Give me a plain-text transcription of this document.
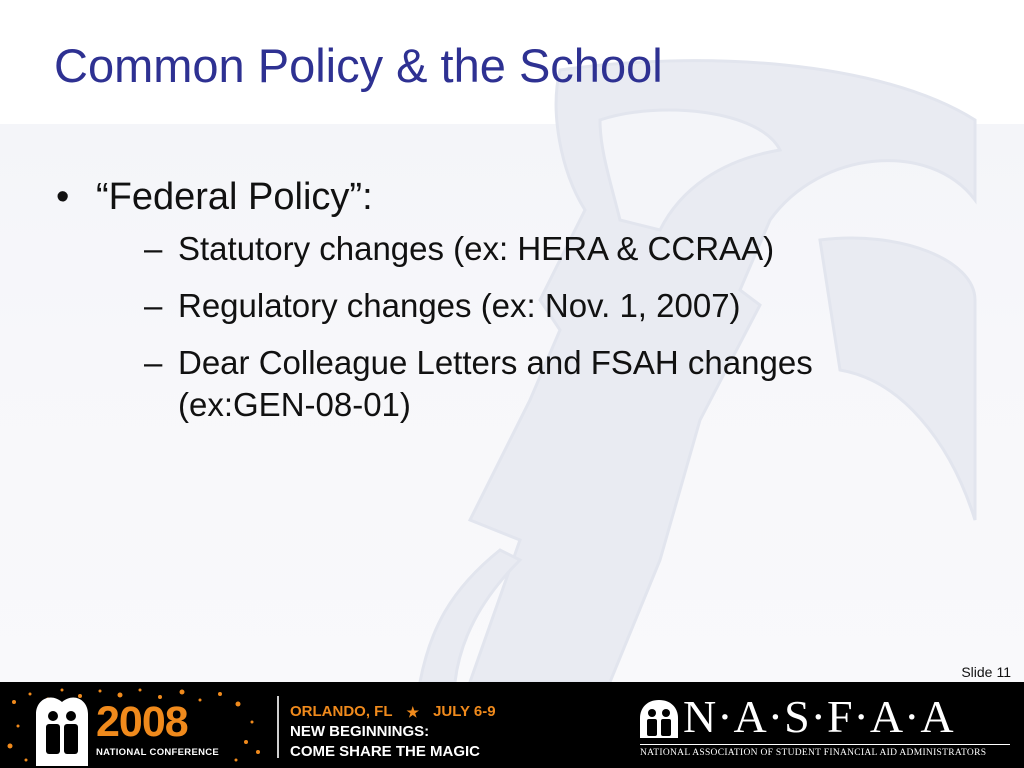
Common Policy & the School
• “Federal Policy”:
– Statutory changes (ex: HERA & CCRAA)
– Regulatory changes (ex: Nov. 1, 2007)
– Dear Colleague Letters and FSAH changes (ex:GEN-08-01)
Slide 11
2008
NATIONAL CONFERENCE
ORLANDO, FL ★ JULY 6-9
NEW BEGINNINGS:
COME SHARE THE MAGIC
N·A·S·F·A·A
NATIONAL ASSOCIATION OF STUDENT FINANCIAL AID ADMINISTRATORS
